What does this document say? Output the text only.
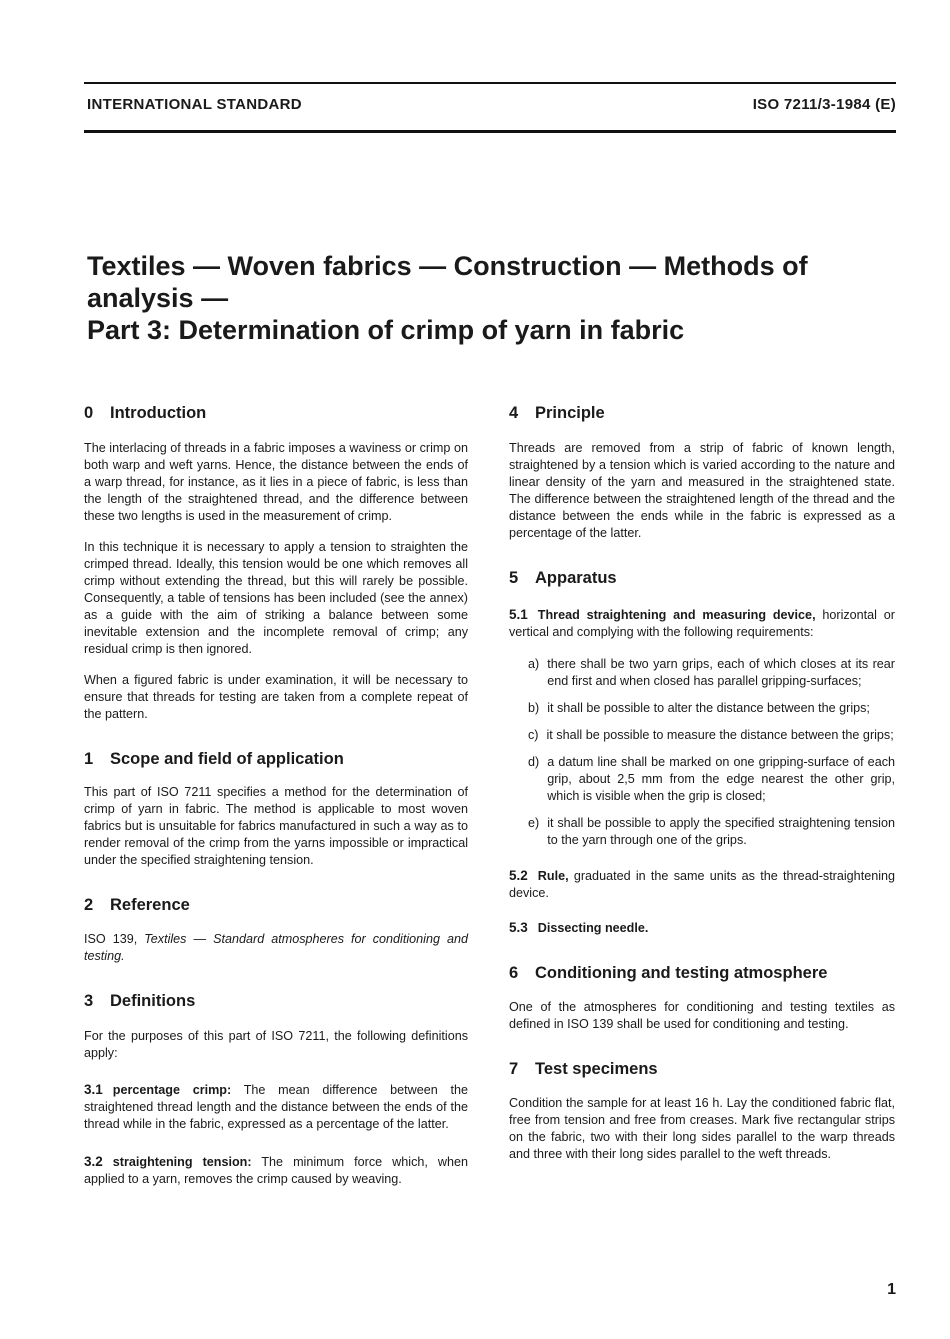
INTERNATIONAL STANDARD	ISO 7211/3-1984 (E)
Textiles — Woven fabrics — Construction — Methods of
analysis —
Part 3: Determination of crimp of yarn in fabric
0 Introduction

The interlacing of threads in a fabric imposes a waviness or crimp on both warp and weft yarns. Hence, the distance between the ends of a warp thread, for instance, as it lies in a piece of fabric, is less than the length of the straightened thread, and the difference between these two lengths is used in the measurement of crimp.

In this technique it is necessary to apply a tension to straighten the crimped thread. Ideally, this tension would be one which removes all crimp without extending the thread, but this will rarely be possible. Consequently, a table of tensions has been included (see the annex) as a guide with the aim of striking a balance between some inevitable extension and the incomplete removal of crimp; any residual crimp is then ignored.

When a figured fabric is under examination, it will be necessary to ensure that threads for testing are taken from a complete repeat of the pattern.

1 Scope and field of application

This part of ISO 7211 specifies a method for the determination of crimp of yarn in fabric. The method is applicable to most woven fabrics but is unsuitable for fabrics manufactured in such a way as to render removal of the crimp from the yarns impossible or impractical under the specified straightening tension.

2 Reference

ISO 139, Textiles — Standard atmospheres for conditioning and testing.

3 Definitions

For the purposes of this part of ISO 7211, the following definitions apply:

3.1 percentage crimp: The mean difference between the straightened thread length and the distance between the ends of the thread while in the fabric, expressed as a percentage of the latter.

3.2 straightening tension: The minimum force which, when applied to a yarn, removes the crimp caused by weaving.

4 Principle

Threads are removed from a strip of fabric of known length, straightened by a tension which is varied according to the nature and linear density of the yarn and measured in the straightened state. The difference between the straightened length of the thread and the distance between the ends while in the fabric is expressed as a percentage of the latter.

5 Apparatus

5.1 Thread straightening and measuring device, horizontal or vertical and complying with the following requirements:

a) there shall be two yarn grips, each of which closes at its rear end first and when closed has parallel gripping-surfaces;
b) it shall be possible to alter the distance between the grips;
c) it shall be possible to measure the distance between the grips;
d) a datum line shall be marked on one gripping-surface of each grip, about 2,5 mm from the edge nearest the other grip, which is visible when the grip is closed;
e) it shall be possible to apply the specified straightening tension to the yarn through one of the grips.

5.2 Rule, graduated in the same units as the thread-straightening device.

5.3 Dissecting needle.

6 Conditioning and testing atmosphere

One of the atmospheres for conditioning and testing textiles as defined in ISO 139 shall be used for conditioning and testing.

7 Test specimens

Condition the sample for at least 16 h. Lay the conditioned fabric flat, free from tension and free from creases. Mark five rectangular strips on the fabric, two with their long sides parallel to the warp threads and three with their long sides parallel to the weft threads.

1
